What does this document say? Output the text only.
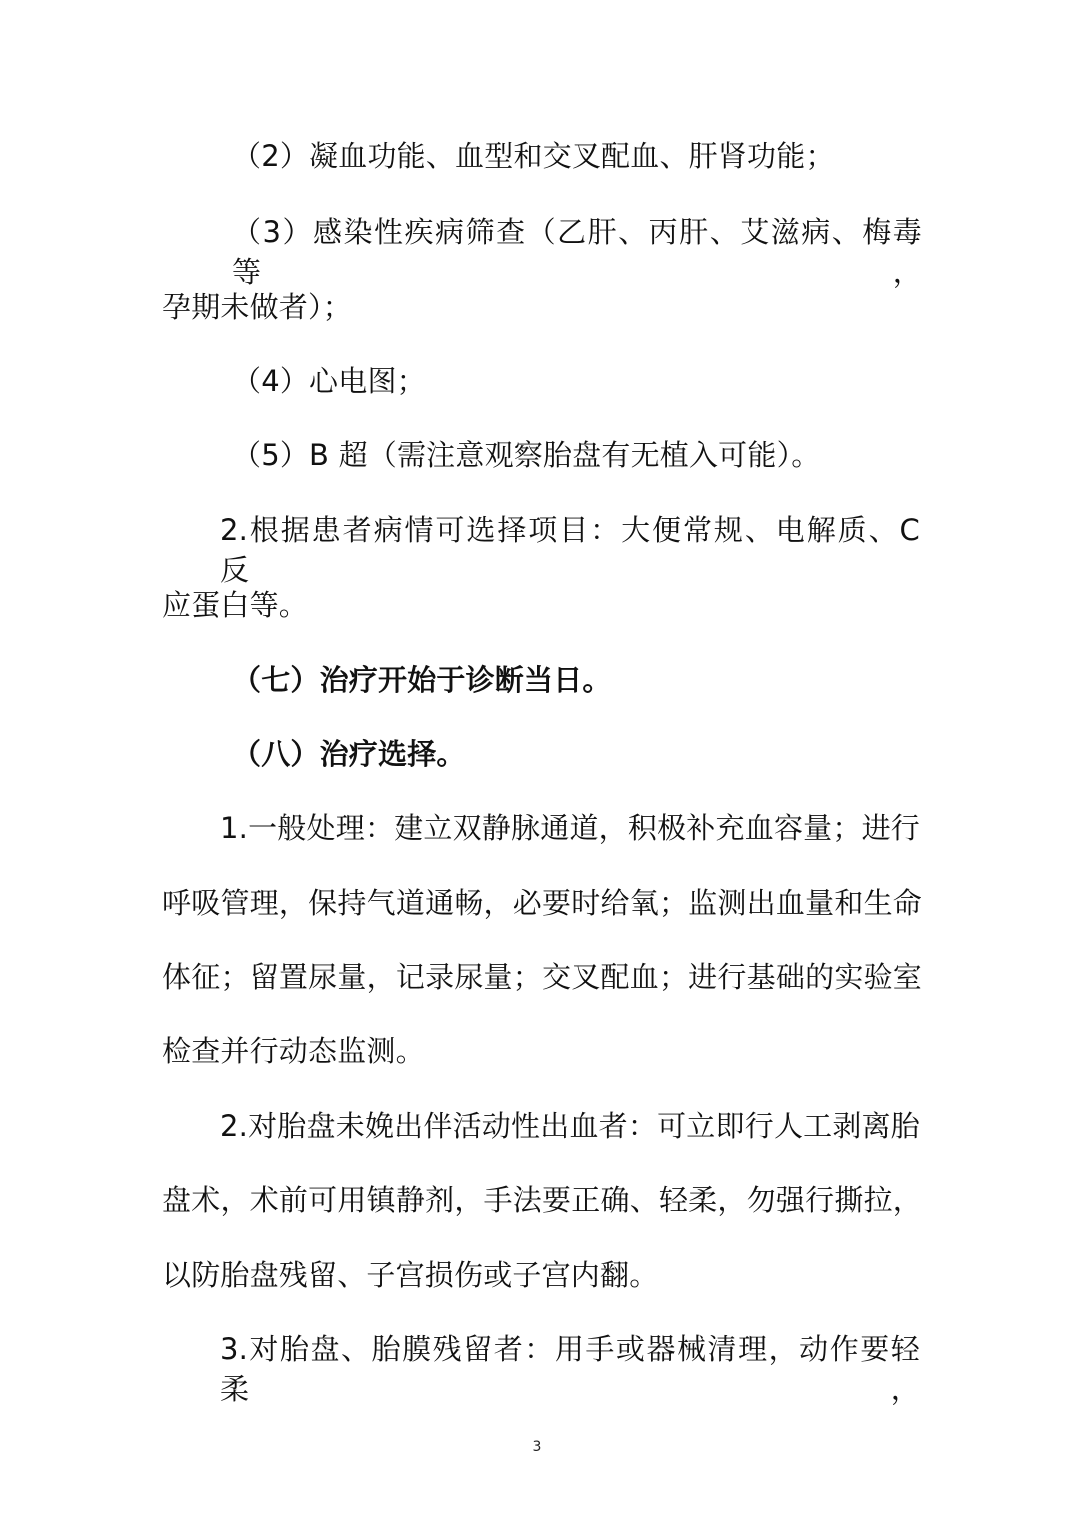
（2）凝血功能、血型和交叉配血、肝肾功能；
（3）感染性疾病筛查（乙肝、丙肝、艾滋病、梅毒等，
孕期未做者）；
（4）心电图；
（5）B 超（需注意观察胎盘有无植入可能）。
2.根据患者病情可选择项目：大便常规、电解质、C 反
应蛋白等。
（七）治疗开始于诊断当日。
（八）治疗选择。
1.一般处理：建立双静脉通道，积极补充血容量；进行
呼吸管理，保持气道通畅，必要时给氧；监测出血量和生命
体征；留置尿量，记录尿量；交叉配血；进行基础的实验室
检查并行动态监测。
2.对胎盘未娩出伴活动性出血者：可立即行人工剥离胎
盘术，术前可用镇静剂，手法要正确、轻柔，勿强行撕拉，
以防胎盘残留、子宫损伤或子宫内翻。
3.对胎盘、胎膜残留者：用手或器械清理，动作要轻柔，
3
